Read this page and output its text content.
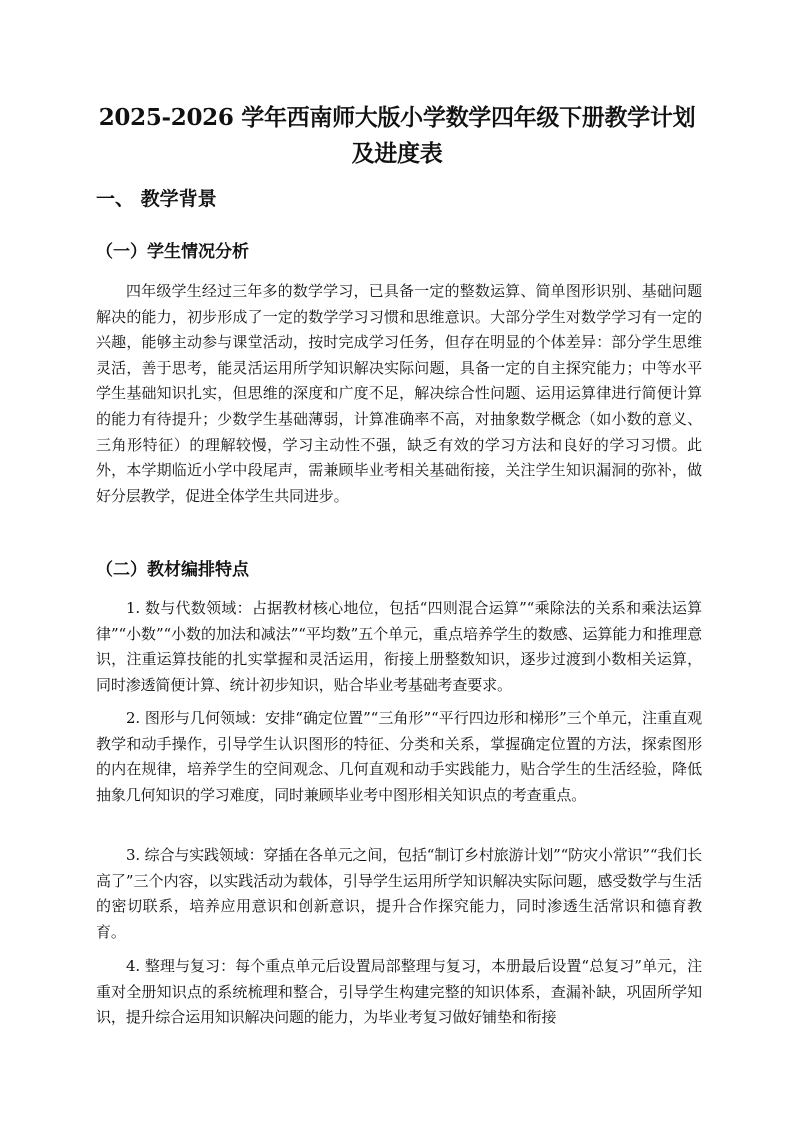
2025-2026 学年西南师大版小学数学四年级下册教学计划
及进度表
一、 教学背景
（一）学生情况分析
四年级学生经过三年多的数学学习，已具备一定的整数运算、简单图形识别、基础问题解决的能力，初步形成了一定的数学学习习惯和思维意识。大部分学生对数学学习有一定的兴趣，能够主动参与课堂活动，按时完成学习任务，但存在明显的个体差异：部分学生思维灵活，善于思考，能灵活运用所学知识解决实际问题，具备一定的自主探究能力；中等水平学生基础知识扎实，但思维的深度和广度不足，解决综合性问题、运用运算律进行简便计算的能力有待提升；少数学生基础薄弱，计算准确率不高，对抽象数学概念（如小数的意义、三角形特征）的理解较慢，学习主动性不强，缺乏有效的学习方法和良好的学习习惯。此外，本学期临近小学中段尾声，需兼顾毕业考相关基础衔接，关注学生知识漏洞的弥补，做好分层教学，促进全体学生共同进步。
（二）教材编排特点
1. 数与代数领域：占据教材核心地位，包括“四则混合运算”“乘除法的关系和乘法运算律”“小数”“小数的加法和减法”“平均数”五个单元，重点培养学生的数感、运算能力和推理意识，注重运算技能的扎实掌握和灵活运用，衔接上册整数知识，逐步过渡到小数相关运算，同时渗透简便计算、统计初步知识，贴合毕业考基础考查要求。
2. 图形与几何领域：安排“确定位置”“三角形”“平行四边形和梯形”三个单元，注重直观教学和动手操作，引导学生认识图形的特征、分类和关系，掌握确定位置的方法，探索图形的内在规律，培养学生的空间观念、几何直观和动手实践能力，贴合学生的生活经验，降低抽象几何知识的学习难度，同时兼顾毕业考中图形相关知识点的考查重点。
3. 综合与实践领域：穿插在各单元之间，包括“制订乡村旅游计划”“防灾小常识”“我们长高了”三个内容，以实践活动为载体，引导学生运用所学知识解决实际问题，感受数学与生活的密切联系，培养应用意识和创新意识，提升合作探究能力，同时渗透生活常识和德育教育。
4. 整理与复习：每个重点单元后设置局部整理与复习，本册最后设置“总复习”单元，注重对全册知识点的系统梳理和整合，引导学生构建完整的知识体系，查漏补缺，巩固所学知识，提升综合运用知识解决问题的能力，为毕业考复习做好铺垫和衔接
